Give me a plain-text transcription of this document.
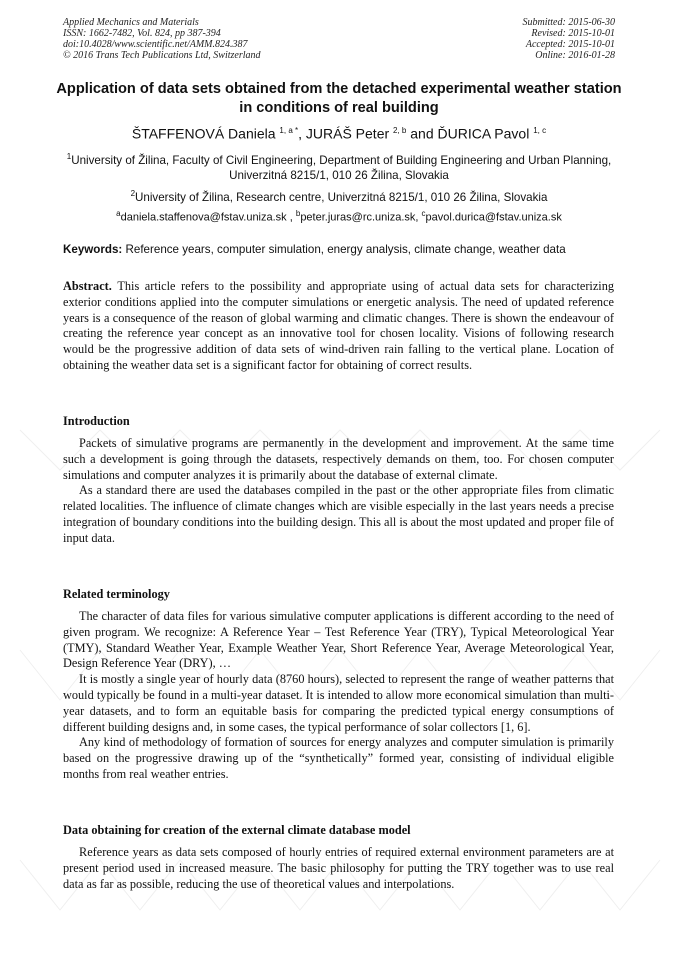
Applied Mechanics and Materials
ISSN: 1662-7482, Vol. 824, pp 387-394
doi:10.4028/www.scientific.net/AMM.824.387
© 2016 Trans Tech Publications Ltd, Switzerland
Submitted: 2015-06-30
Revised: 2015-10-01
Accepted: 2015-10-01
Online: 2016-01-28
Application of data sets obtained from the detached experimental weather station in conditions of real building
ŠTAFFENOVÁ Daniela $^{1, a *}$, JURÁŠ Peter $^{2, b}$ and ĎURICA Pavol $^{1, c}$
$^1$University of Žilina, Faculty of Civil Engineering, Department of Building Engineering and Urban Planning, Univerzitná 8215/1, 010 26 Žilina, Slovakia
$^2$University of Žilina, Research centre, Univerzitná 8215/1, 010 26 Žilina, Slovakia
$^a$daniela.staffenova@fstav.uniza.sk , $^b$peter.juras@rc.uniza.sk, $^c$pavol.durica@fstav.uniza.sk
Keywords: Reference years, computer simulation, energy analysis, climate change, weather data

Abstract. This article refers to the possibility and appropriate using of actual data sets for characterizing exterior conditions applied into the computer simulations or energetic analysis. The need of updated reference years is a consequence of the reason of global warming and climatic changes. There is shown the endeavour of creating the reference year concept as an innovative tool for chosen locality. Visions of following research would be the progressive addition of data sets of wind-driven rain falling to the vertical plane. Location of obtaining the weather data set is a significant factor for obtaining of correct results.

Introduction

Packets of simulative programs are permanently in the development and improvement. At the same time such a development is going through the datasets, respectively demands on them, too. For chosen computer simulations and computer analyzes it is primarily about the database of external climate.

As a standard there are used the databases compiled in the past or the other appropriate files from climatic related localities. The influence of climate changes which are visible especially in the last years needs a precise integration of boundary conditions into the building design. This all is about the most updated and proper file of input data.

Related terminology

The character of data files for various simulative computer applications is different according to the need of given program. We recognize: A Reference Year – Test Reference Year (TRY), Typical Meteorological Year (TMY), Standard Weather Year, Example Weather Year, Short Reference Year, Average Meteorological Year, Design Reference Year (DRY), …

It is mostly a single year of hourly data (8760 hours), selected to represent the range of weather patterns that would typically be found in a multi-year dataset. It is intended to allow more economical simulation than multi-year datasets, and to form an equitable basis for comparing the predicted typical energy consumptions of different building designs and, in some cases, the typical performance of solar collectors [1, 6].

Any kind of methodology of formation of sources for energy analyzes and computer simulation is primarily based on the progressive drawing up of the “synthetically” formed year, consisting of individual eligible months from real weather entries.

Data obtaining for creation of the external climate database model

Reference years as data sets composed of hourly entries of required external environment parameters are at present period used in increased measure. The basic philosophy for putting the TRY together was to use real data as far as possible, reducing the use of theoretical values and interpolations.
